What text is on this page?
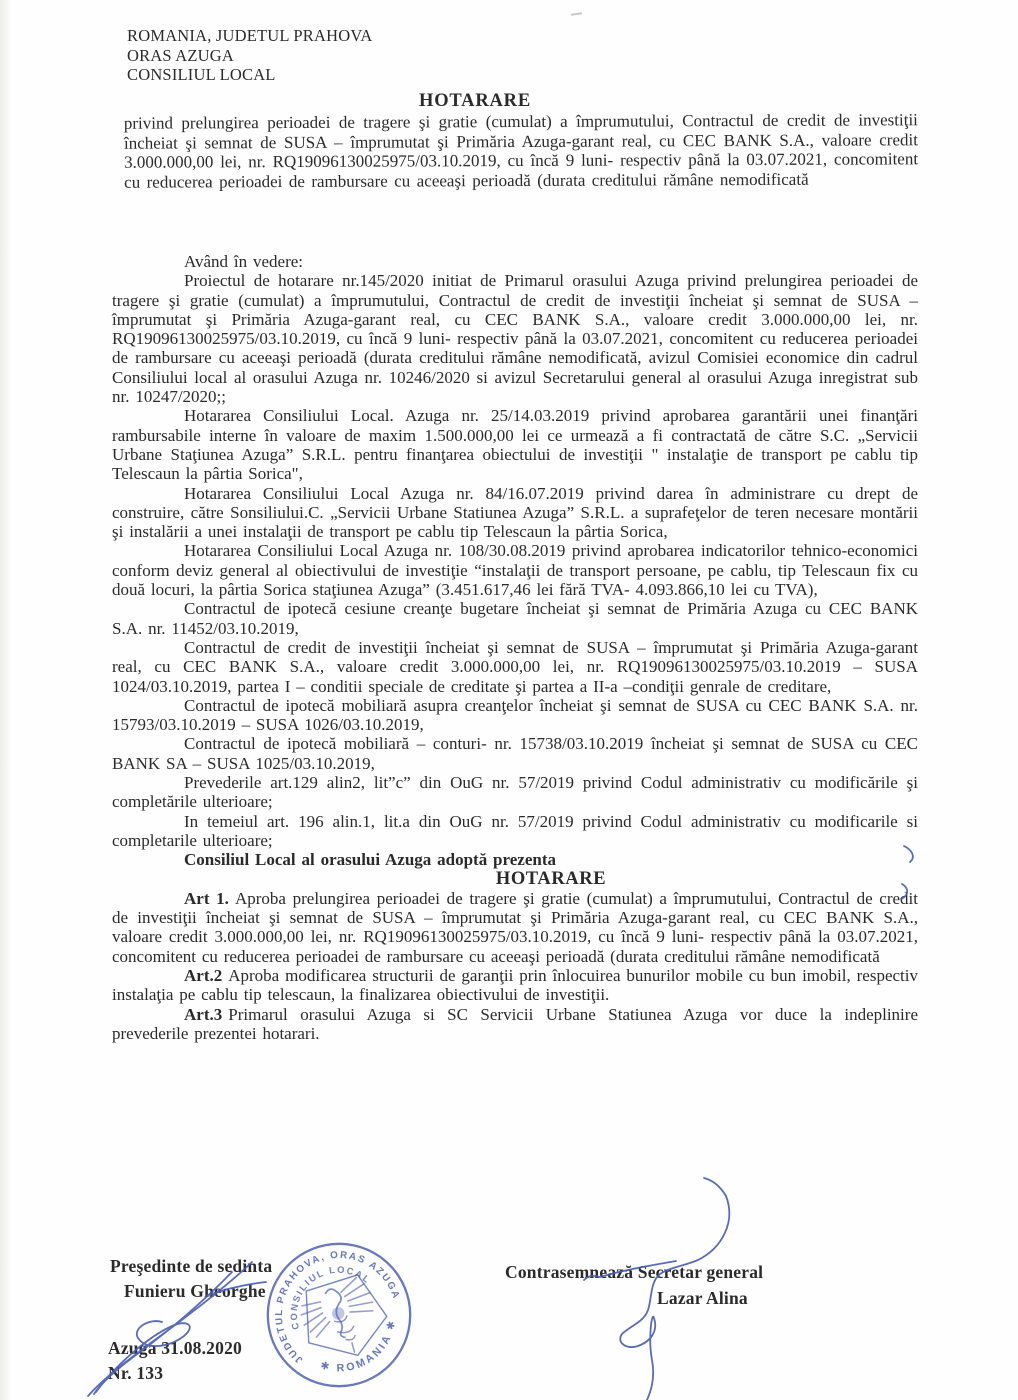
ROMANIA, JUDETUL PRAHOVA
ORAS AZUGA
CONSILIUL LOCAL
HOTARARE
privind prelungirea perioadei de tragere şi gratie (cumulat) a împrumutului, Contractul de credit de investiţii încheiat şi semnat de SUSA – împrumutat şi Primăria Azuga-garant real, cu CEC BANK S.A., valoare credit 3.000.000,00 lei, nr. RQ19096130025975/03.10.2019, cu încă 9 luni- respectiv până la 03.07.2021, concomitent cu reducerea perioadei de rambursare cu aceeaşi perioadă (durata creditului rămâne nemodificată

Având în vedere:

Proiectul de hotarare nr.145/2020 initiat de Primarul orasului Azuga privind prelungirea perioadei de tragere şi gratie (cumulat) a împrumutului, Contractul de credit de investiţii încheiat şi semnat de SUSA – împrumutat şi Primăria Azuga-garant real, cu CEC BANK S.A., valoare credit 3.000.000,00 lei, nr. RQ19096130025975/03.10.2019, cu încă 9 luni- respectiv până la 03.07.2021, concomitent cu reducerea perioadei de rambursare cu aceeaşi perioadă (durata creditului rămâne nemodificată, avizul Comisiei economice din cadrul Consiliului local al orasului Azuga nr. 10246/2020 si avizul Secretarului general al orasului Azuga inregistrat sub nr. 10247/2020;;

Hotararea Consiliului Local. Azuga nr. 25/14.03.2019 privind aprobarea garantării unei finanţări rambursabile interne în valoare de maxim 1.500.000,00 lei ce urmează a fi contractată de către S.C. „Servicii Urbane Staţiunea Azuga” S.R.L. pentru finanţarea obiectului de investiţii " instalaţie de transport pe cablu tip Telescaun la pârtia Sorica",

Hotararea Consiliului Local Azuga nr. 84/16.07.2019 privind darea în administrare cu drept de construire, către Sonsiliului.C. „Servicii Urbane Statiunea Azuga” S.R.L. a suprafeţelor de teren necesare montării şi instalării a unei instalaţii de transport pe cablu tip Telescaun la pârtia Sorica,

Hotararea Consiliului Local Azuga nr. 108/30.08.2019 privind aprobarea indicatorilor tehnico-economici conform deviz general al obiectivului de investiţie “instalaţii de transport persoane, pe cablu, tip Telescaun fix cu două locuri, la pârtia Sorica staţiunea Azuga” (3.451.617,46 lei fără TVA- 4.093.866,10 lei cu TVA),

Contractul de ipotecă cesiune creanţe bugetare încheiat şi semnat de Primăria Azuga cu CEC BANK S.A. nr. 11452/03.10.2019,

Contractul de credit de investiţii încheiat şi semnat de SUSA – împrumutat şi Primăria Azuga-garant real, cu CEC BANK S.A., valoare credit 3.000.000,00 lei, nr. RQ19096130025975/03.10.2019 – SUSA 1024/03.10.2019, partea I – conditii speciale de creditate şi partea a II-a –condiţii genrale de creditare,

Contractul de ipotecă mobiliară asupra creanţelor încheiat şi semnat de SUSA cu CEC BANK S.A. nr. 15793/03.10.2019 – SUSA 1026/03.10.2019,

Contractul de ipotecă mobiliară – conturi- nr. 15738/03.10.2019 încheiat şi semnat de SUSA cu CEC BANK SA – SUSA 1025/03.10.2019,

Prevederile art.129 alin2, lit”c” din OuG nr. 57/2019 privind Codul administrativ cu modificările şi completările ulterioare;

In temeiul art. 196 alin.1, lit.a din OuG nr. 57/2019 privind Codul administrativ cu modificarile si completarile ulterioare;

Consiliul Local al orasului Azuga adoptă prezenta

HOTARARE

Art 1. Aproba prelungirea perioadei de tragere şi gratie (cumulat) a împrumutului, Contractul de credit de investiţii încheiat şi semnat de SUSA – împrumutat şi Primăria Azuga-garant real, cu CEC BANK S.A., valoare credit 3.000.000,00 lei, nr. RQ19096130025975/03.10.2019, cu încă 9 luni- respectiv până la 03.07.2021, concomitent cu reducerea perioadei de rambursare cu aceeaşi perioadă (durata creditului rămâne nemodificată

Art.2 Aproba modificarea structurii de garanţii prin înlocuirea bunurilor mobile cu bun imobil, respectiv instalaţia pe cablu tip telescaun, la finalizarea obiectivului de investiţii.

Art.3 Primarul orasului Azuga si SC Servicii Urbane Statiunea Azuga vor duce la indeplinire prevederile prezentei hotarari.

Preşedinte de sedinta
Funieru Gheorghe
Contrasemnează Secretar general
Lazar Alina
Azuga 31.08.2020
Nr. 133
JUDETUL PRAHOVA, ORAS AZUGA
CONSILIUL LOCAL
✱ ROMANIA ✱
